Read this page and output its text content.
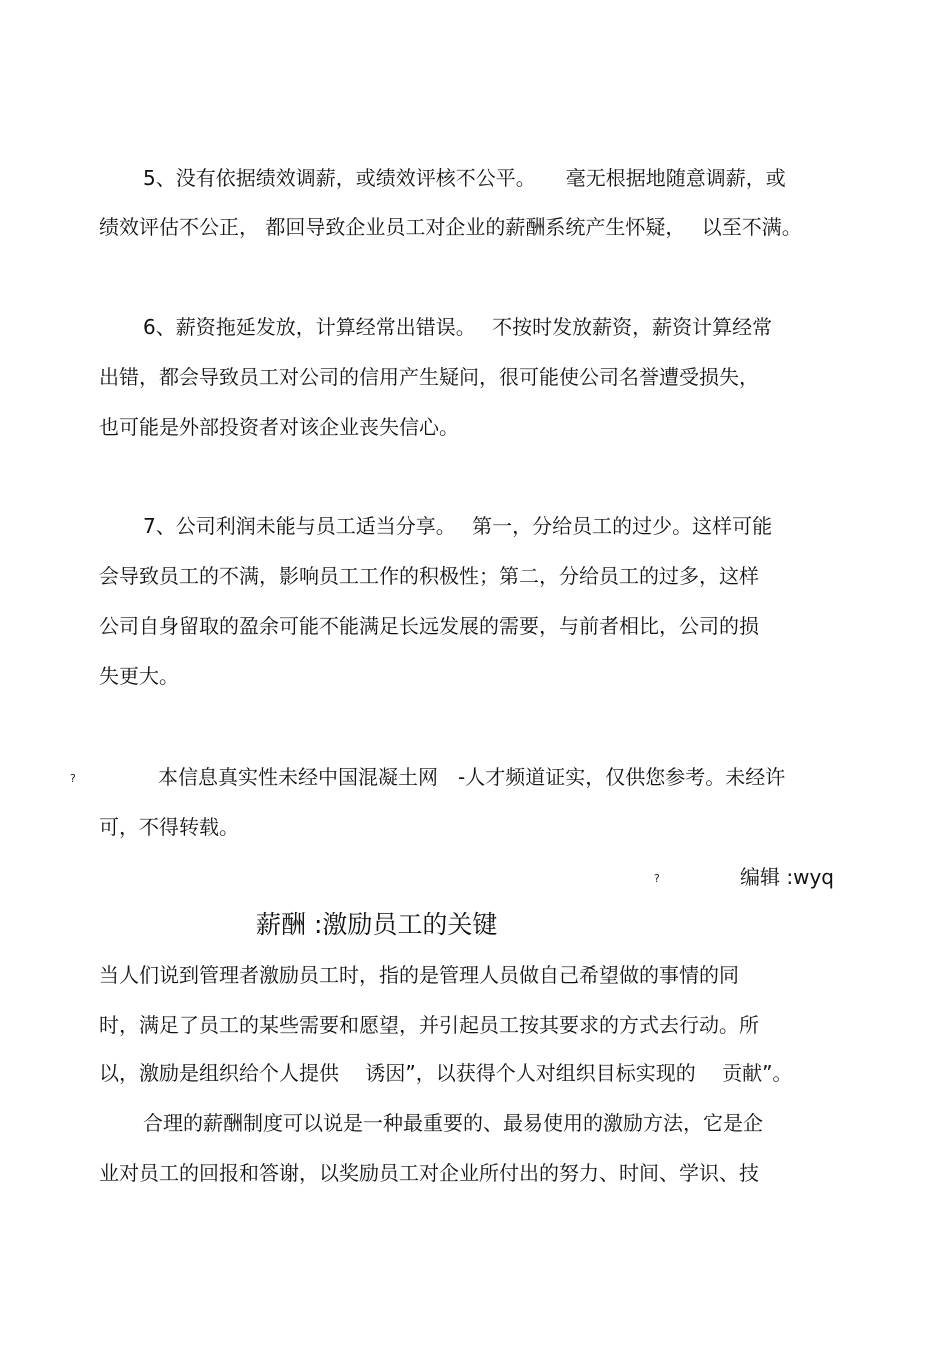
5、没有依据绩效调薪，或绩效评核不公平。　　毫无根据地随意调薪，或
绩效评估不公正， 都回导致企业员工对企业的薪酬系统产生怀疑，　 以至不满。
6、薪资拖延发放，计算经常出错误。　 不按时发放薪资，薪资计算经常
出错，都会导致员工对公司的信用产生疑问，很可能使公司名誉遭受损失，
也可能是外部投资者对该企业丧失信心。
7、公司利润未能与员工适当分享。　 第一，分给员工的过少。这样可能
会导致员工的不满，影响员工工作的积极性；第二，分给员工的过多，这样
公司自身留取的盈余可能不能满足长远发展的需要，与前者相比，公司的损
失更大。
?	本信息真实性未经中国混凝土网　-人才频道证实，仅供您参考。未经许
可，不得转载。
?	编辑 :wyq
薪酬 :激励员工的关键
当人们说到管理者激励员工时，指的是管理人员做自己希望做的事情的同
时，满足了员工的某些需要和愿望，并引起员工按其要求的方式去行动。所
以，激励是组织给个人提供　 诱因”，以获得个人对组织目标实现的　 贡献”。
合理的薪酬制度可以说是一种最重要的、最易使用的激励方法，它是企
业对员工的回报和答谢，以奖励员工对企业所付出的努力、时间、学识、技
